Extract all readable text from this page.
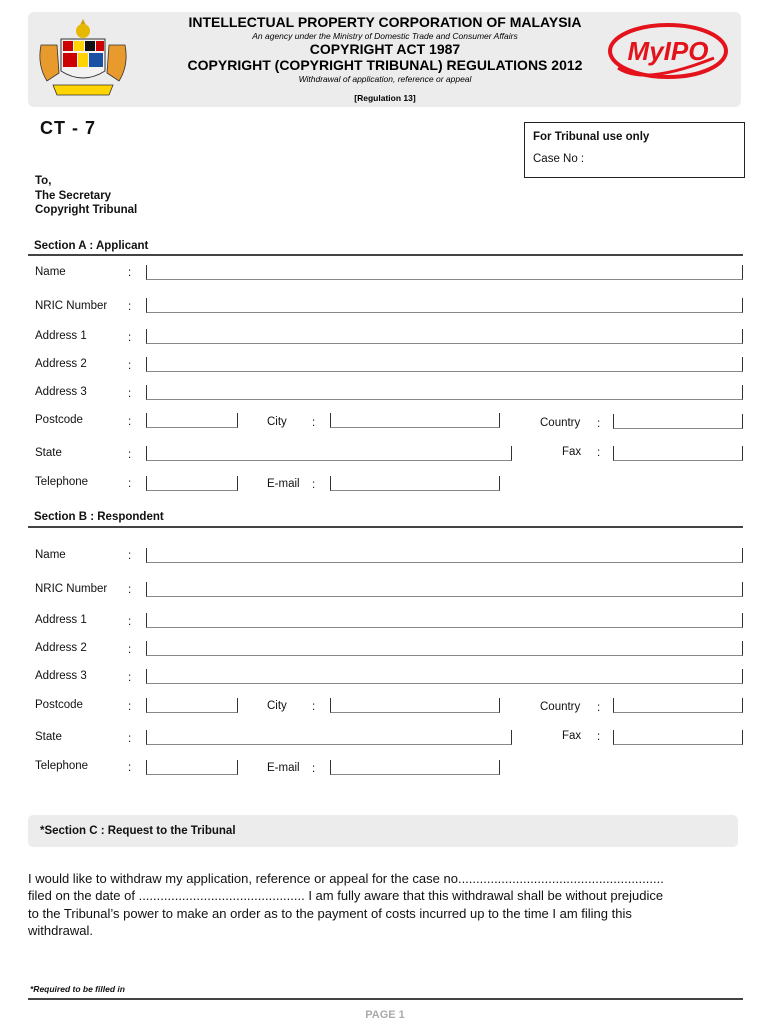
INTELLECTUAL PROPERTY CORPORATION OF MALAYSIA
An agency under the Ministry of Domestic Trade and Consumer Affairs
COPYRIGHT ACT 1987
COPYRIGHT (COPYRIGHT TRIBUNAL) REGULATIONS 2012
Withdrawal of application, reference or appeal
[Regulation 13]
MyIPO
CT - 7	For Tribunal use only
Case No :
To,
The Secretary
Copyright Tribunal
Section A : Applicant
Name	:
NRIC Number :
Address 1	:
Address 2	:
Address 3	:
Postcode	:	City :	Country :
State	:	Fax :
Telephone	:	E-mail :
Section B : Respondent
Name	:
NRIC Number :
Address 1	:
Address 2	:
Address 3	:
Postcode	:	City :	Country :
State	:	Fax :
Telephone	:	E-mail :
*Section C : Request to the Tribunal
I would like to withdraw my application, reference or appeal for the case no.........................................................
filed on the date of .............................................. I am fully aware that this withdrawal shall be without prejudice
to the Tribunal’s power to make an order as to the payment of costs incurred up to the time I am filing this
withdrawal.
*Required to be filled in
PAGE 1
